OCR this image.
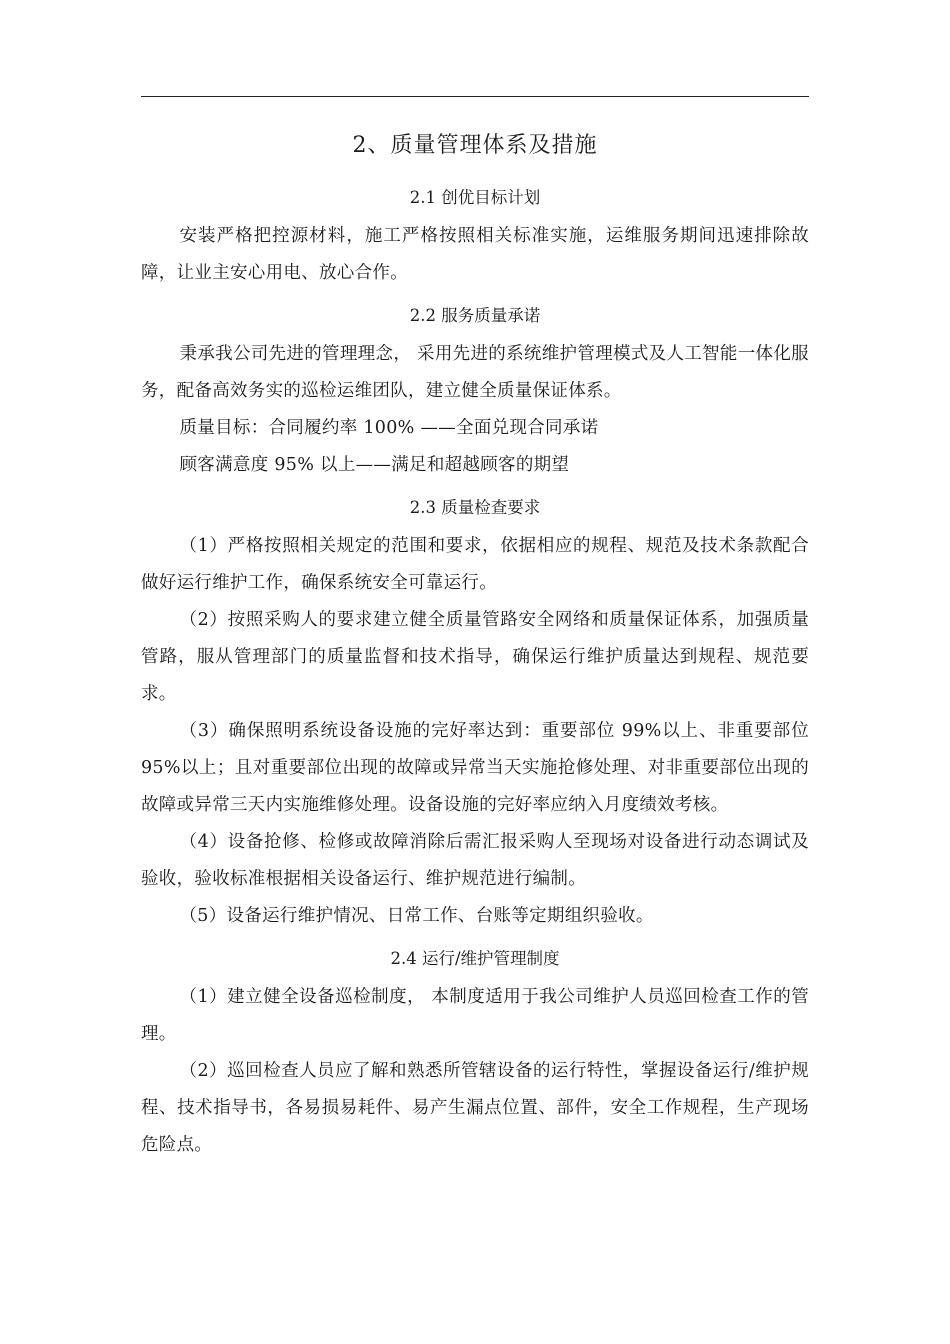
2、质量管理体系及措施
2.1 创优目标计划

安装严格把控源材料，施工严格按照相关标准实施，运维服务期间迅速排除故障，让业主安心用电、放心合作。

2.2 服务质量承诺

秉承我公司先进的管理理念， 采用先进的系统维护管理模式及人工智能一体化服务，配备高效务实的巡检运维团队，建立健全质量保证体系。

质量目标：合同履约率 100% ——全面兑现合同承诺

顾客满意度 95% 以上——满足和超越顾客的期望

2.3 质量检查要求

（1）严格按照相关规定的范围和要求，依据相应的规程、规范及技术条款配合做好运行维护工作，确保系统安全可靠运行。

（2）按照采购人的要求建立健全质量管路安全网络和质量保证体系，加强质量管路，服从管理部门的质量监督和技术指导，确保运行维护质量达到规程、规范要求。

（3）确保照明系统设备设施的完好率达到：重要部位 99%以上、非重要部位 95%以上；且对重要部位出现的故障或异常当天实施抢修处理、对非重要部位出现的故障或异常三天内实施维修处理。设备设施的完好率应纳入月度绩效考核。

（4）设备抢修、检修或故障消除后需汇报采购人至现场对设备进行动态调试及验收，验收标准根据相关设备运行、维护规范进行编制。

（5）设备运行维护情况、日常工作、台账等定期组织验收。

2.4 运行/维护管理制度

（1）建立健全设备巡检制度， 本制度适用于我公司维护人员巡回检查工作的管理。

（2）巡回检查人员应了解和熟悉所管辖设备的运行特性，掌握设备运行/维护规程、技术指导书，各易损易耗件、易产生漏点位置、部件，安全工作规程，生产现场危险点。
